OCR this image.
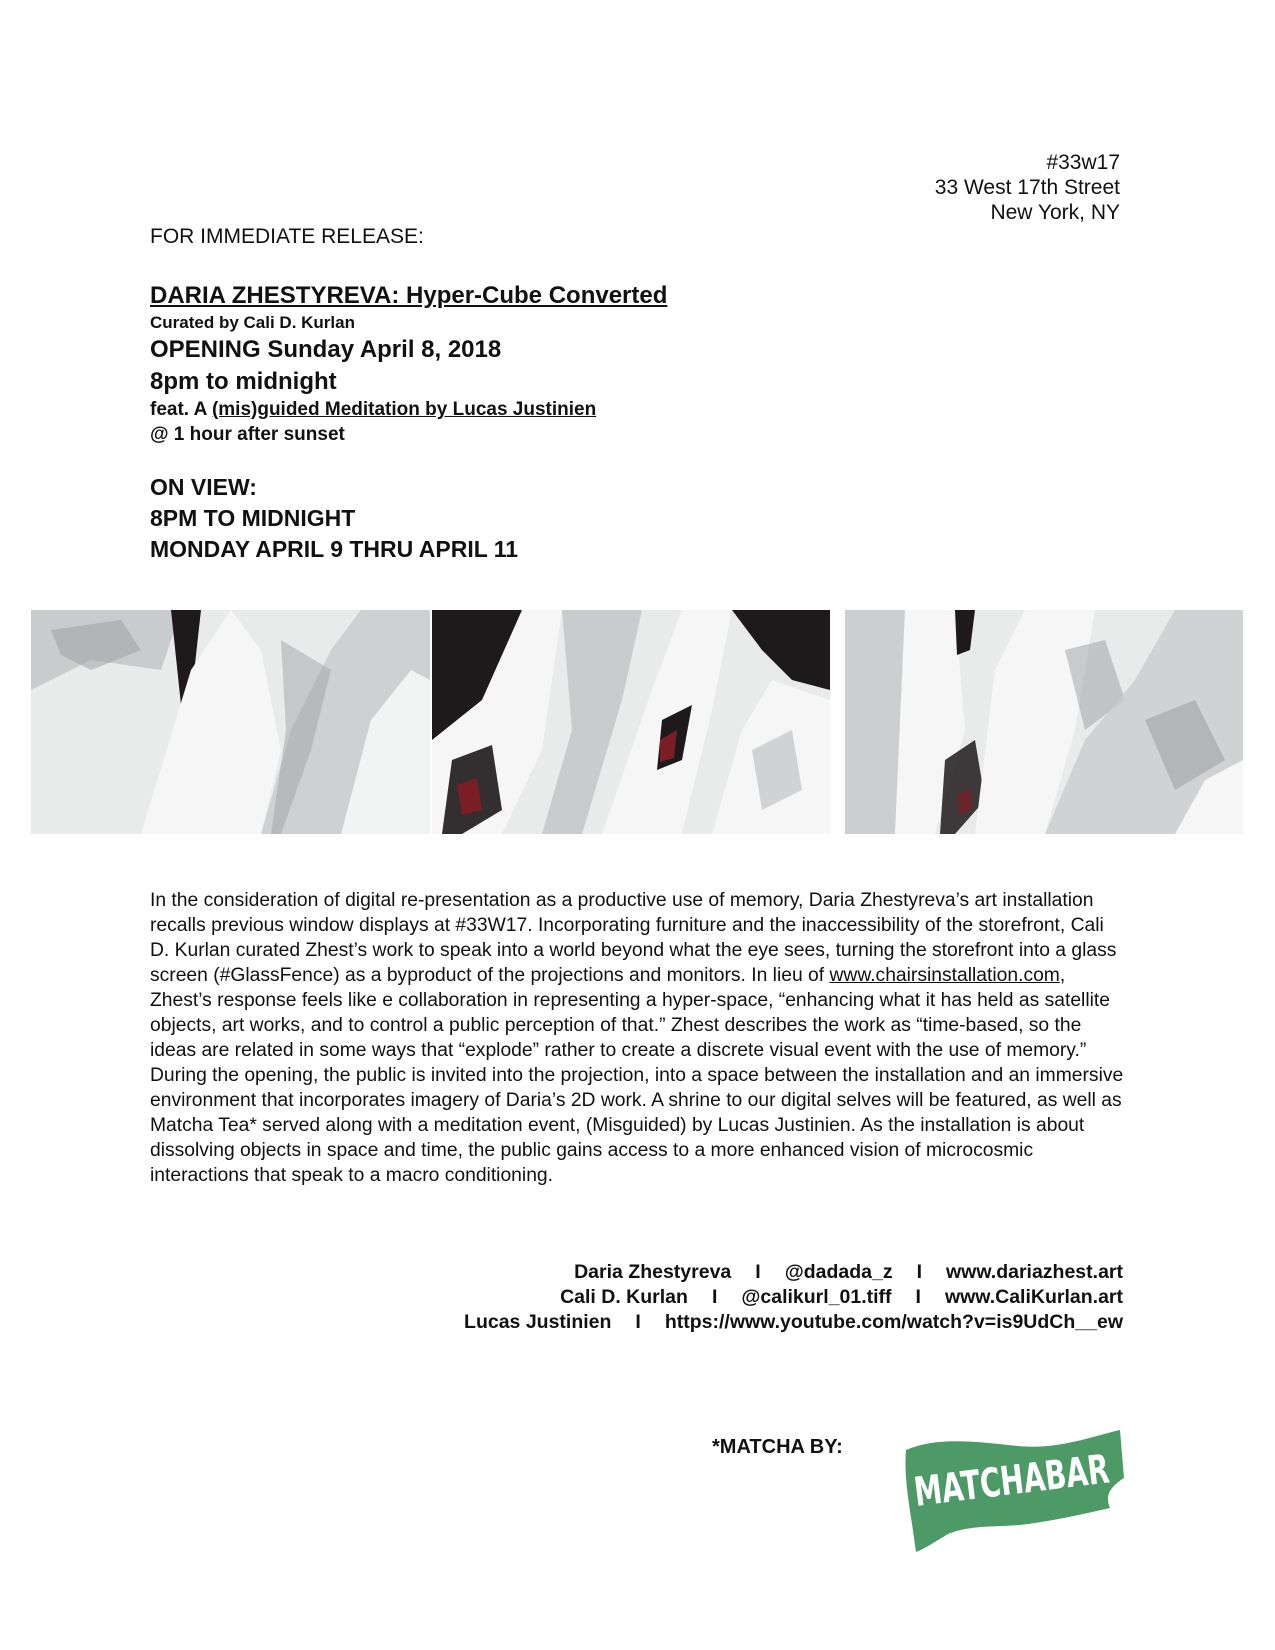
#33w17
33 West 17th Street
New York, NY
FOR IMMEDIATE RELEASE:
DARIA ZHESTYREVA: Hyper-Cube Converted
Curated by Cali D. Kurlan
OPENING Sunday April 8, 2018
8pm to midnight
feat. A (mis)guided Meditation by Lucas Justinien
@ 1 hour after sunset
ON VIEW:
8PM TO MIDNIGHT
MONDAY APRIL 9 THRU APRIL 11

In the consideration of digital re-presentation as a productive use of memory, Daria Zhestyreva’s art installation recalls previous window displays at #33W17. Incorporating furniture and the inaccessibility of the storefront, Cali D. Kurlan curated Zhest’s work to speak into a world beyond what the eye sees, turning the storefront into a glass screen (#GlassFence) as a byproduct of the projections and monitors. In lieu of www.chairsinstallation.com, Zhest’s response feels like e collaboration in representing a hyper-space, “enhancing what it has held as satellite objects, art works, and to control a public perception of that.” Zhest describes the work as “time-based, so the ideas are related in some ways that “explode” rather to create a discrete visual event with the use of memory.”

During the opening, the public is invited into the projection, into a space between the installation and an immersive environment that incorporates imagery of Daria’s 2D work. A shrine to our digital selves will be featured, as well as Matcha Tea* served along with a meditation event, (Misguided) by Lucas Justinien. As the installation is about dissolving objects in space and time, the public gains access to a more enhanced vision of microcosmic interactions that speak to a macro conditioning.

Daria Zhestyreva I @dadada_z I www.dariazhest.art
Cali D. Kurlan I @calikurl_01.tiff I www.CaliKurlan.art
Lucas Justinien I https://www.youtube.com/watch?v=is9UdCh__ew
*MATCHA BY: MATCHABAR
